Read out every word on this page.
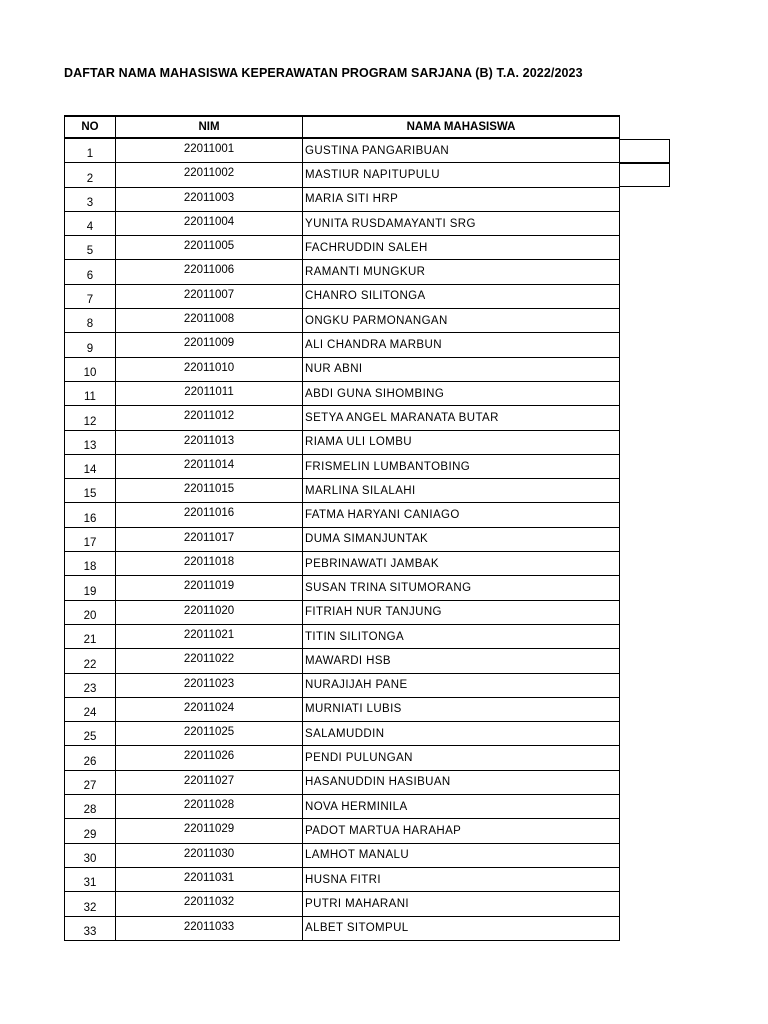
DAFTAR NAMA MAHASISWA KEPERAWATAN PROGRAM SARJANA (B) T.A. 2022/2023
NO	NIM	NAMA MAHASISWA
1	22011001	GUSTINA PANGARIBUAN
2	22011002	MASTIUR NAPITUPULU
3	22011003	MARIA SITI HRP
4	22011004	YUNITA RUSDAMAYANTI SRG
5	22011005	FACHRUDDIN SALEH
6	22011006	RAMANTI MUNGKUR
7	22011007	CHANRO SILITONGA
8	22011008	ONGKU PARMONANGAN
9	22011009	ALI CHANDRA MARBUN
10	22011010	NUR ABNI
11	22011011	ABDI GUNA SIHOMBING
12	22011012	SETYA ANGEL MARANATA BUTAR
13	22011013	RIAMA ULI LOMBU
14	22011014	FRISMELIN LUMBANTOBING
15	22011015	MARLINA SILALAHI
16	22011016	FATMA HARYANI CANIAGO
17	22011017	DUMA SIMANJUNTAK
18	22011018	PEBRINAWATI JAMBAK
19	22011019	SUSAN TRINA SITUMORANG
20	22011020	FITRIAH NUR TANJUNG
21	22011021	TITIN SILITONGA
22	22011022	MAWARDI HSB
23	22011023	NURAJIJAH PANE
24	22011024	MURNIATI LUBIS
25	22011025	SALAMUDDIN
26	22011026	PENDI PULUNGAN
27	22011027	HASANUDDIN HASIBUAN
28	22011028	NOVA HERMINILA
29	22011029	PADOT MARTUA HARAHAP
30	22011030	LAMHOT MANALU
31	22011031	HUSNA FITRI
32	22011032	PUTRI MAHARANI
33	22011033	ALBET SITOMPUL
